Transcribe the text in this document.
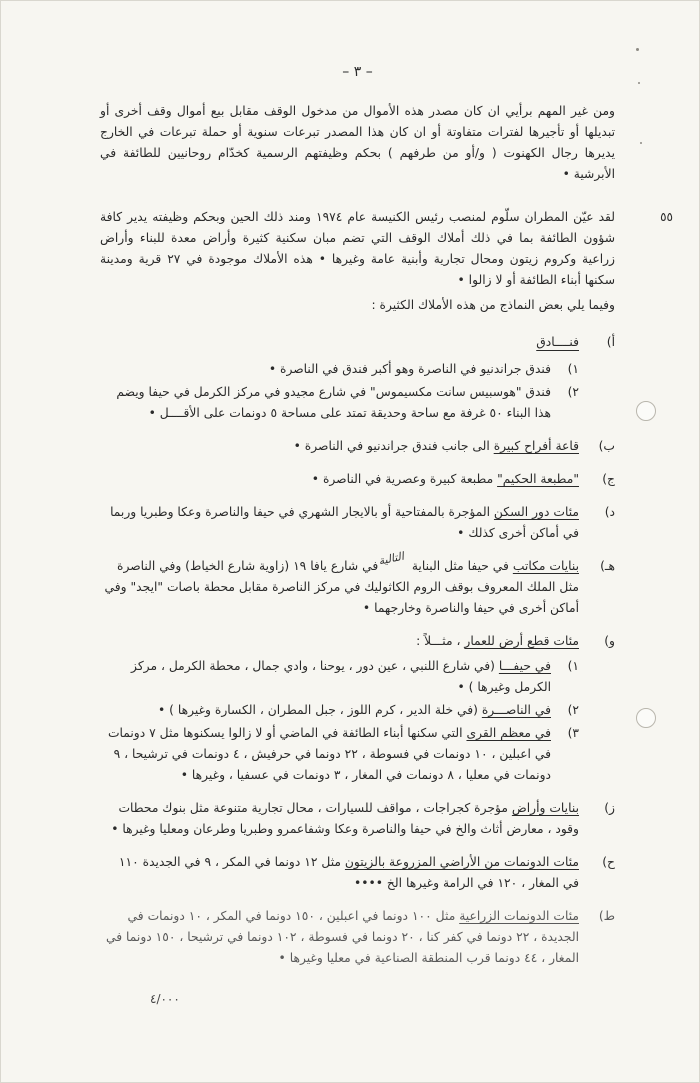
– ٣ –

ومن غير المهم برأيي ان كان مصدر هذه الأموال من مدخول الوقف مقابل بيع أموال وقف أخرى أو تبديلها أو تأجيرها لفترات متفاوتة أو ان كان هذا المصدر تبرعات سنوية أو حملة تبرعات في الخارج يديرها رجال الكهنوت ( و/أو من طرفهم ) بحكم وظيفتهم الرسمية كخدّام روحانيين للطائفة في الأبرشية •

٥٥

لقد عيّن المطران سلّوم لمنصب رئيس الكنيسة عام ١٩٧٤ ومند ذلك الحين وبحكم وظيفته يدير كافة شؤون الطائفة بما في ذلك أملاك الوقف التي تضم مبان سكنية كثيرة وأراض معدة للبناء وأراض زراعية وكروم زيتون ومحال تجارية وأبنية عامة وغيرها • هذه الأملاك موجودة في ٢٧ قرية ومدينة سكنها أبناء الطائفة أو لا زالوا •

وفيما يلي بعض النماذج من هذه الأملاك الكثيرة :

أ)
فنــــادق
١)
فندق جراندنيو في الناصرة وهو أكبر فندق في الناصرة •
٢)
فندق "هوسبيس سانت مكسيموس" في شارع مجيدو في مركز الكرمل في حيفا ويضم هذا البناء ٥٠ غرفة مع ساحة وحديقة تمتد على مساحة ٥ دونمات على الأقــــل •
ب)
قاعة أفراح كبيرة الى جانب فندق جراندنيو في الناصرة •
ج)
"مطبعة الحكيم" مطبعة كبيرة وعصرية في الناصرة •
د)
مئات دور السكن المؤجرة بالمفتاحية أو بالايجار الشهري في حيفا والناصرة وعكا وطبريا وربما في أماكن أخرى كذلك •
هـ)
بنايات مكاتب في حيفا مثل البناية التاليةفي شارع يافا ١٩ (زاوية شارع الخياط) وفي الناصرة مثل الملك المعروف بوقف الروم الكاثوليك في مركز الناصرة مقابل محطة باصات "ايجد" وفي أماكن أخرى في حيفا والناصرة وخارجهما •
و)
مئات قطع أرض للعمار ، مثـــلاً :
١)
في حيفـــا (في شارع اللنبي ، عين دور ، يوحنا ، وادي جمال ، محطة الكرمل ، مركز الكرمل وغيرها ) •
٢)
في الناصـــرة (في خلة الدير ، كرم اللوز ، جبل المطران ، الكسارة وغيرها ) •
٣)
في معظم القرى التي سكنها أبناء الطائفة في الماضي أو لا زالوا يسكنوها مثل ٧ دونمات في اعبلين ، ١٠ دونمات في فسوطة ، ٢٢ دونما في حرفيش ، ٤ دونمات في ترشيحا ، ٩ دونمات في معليا ، ٨ دونمات في المغار ، ٣ دونمات في عسفيا ، وغيرها •
ز)
بنايات وأراض مؤجرة كجراجات ، مواقف للسيارات ، محال تجارية متنوعة مثل بنوك محطات وقود ، معارض أثاث والخ في حيفا والناصرة وعكا وشفاعمرو وطبريا وطرعان ومعليا وغيرها •
ح)
مئات الدونمات من الأراضي المزروعة بالزيتون مثل ١٢ دونما في المكر ، ٩ في الجديدة ١١٠ في المغار ، ١٢٠ في الرامة وغيرها الخ ••••
ط)
مئات الدونمات الزراعية مثل ١٠٠ دونما في اعبلين ، ١٥٠ دونما في المكر ، ١٠ دونمات في الجديدة ، ٢٢ دونما في كفر كنا ، ٢٠ دونما في فسوطة ، ١٠٢ دونما في ترشيحا ، ١٥٠ دونما في المغار ، ٤٤ دونما قرب المنطقة الصناعية في معليا وغيرها •
٤/٠٠٠
